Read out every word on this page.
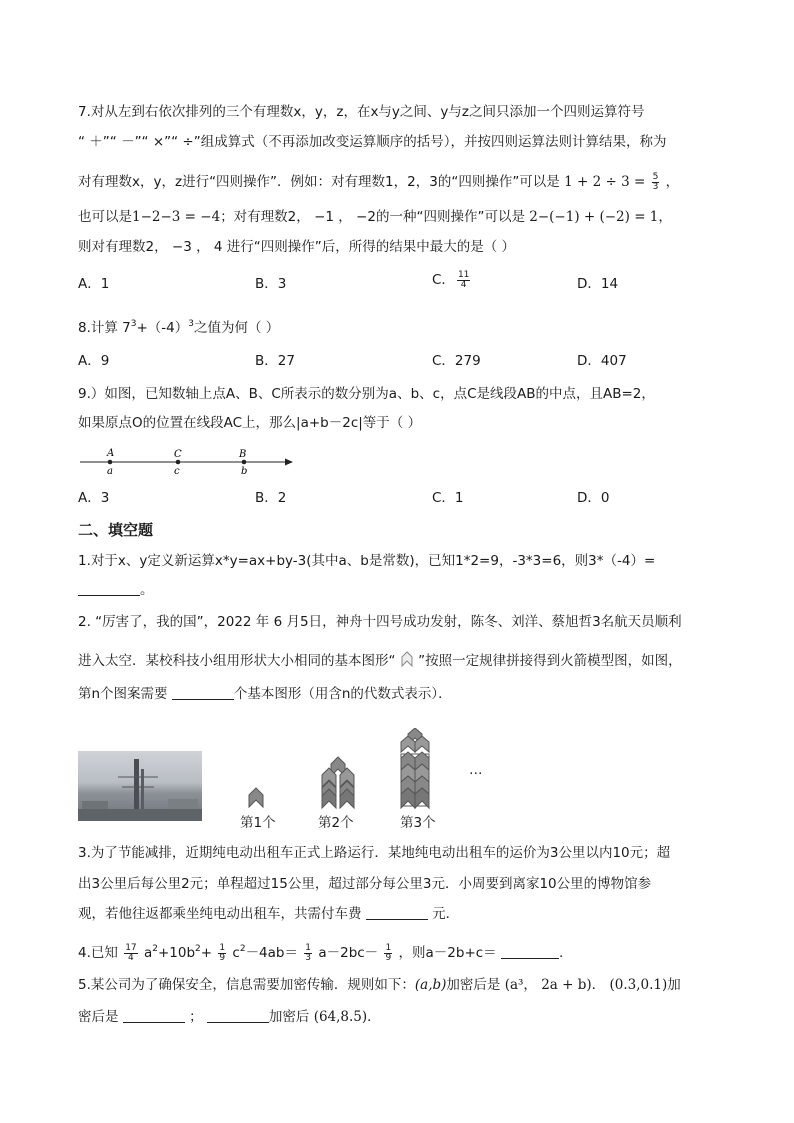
7.对从左到右依次排列的三个有理数x，y，z，在x与y之间、y与z之间只添加一个四则运算符号
“ ＋”“ －”“ ×”“ ÷”组成算式（不再添加改变运算顺序的括号），并按四则运算法则计算结果，称为
对有理数x，y，z进行“四则操作”．例如：对有理数1，2，3的“四则操作”可以是 $1 + 2 \div 3 = \frac{5}{3}$ ，
也可以是1−2−3 = −4；对有理数2， −1 ， −2的一种“四则操作”可以是 2−(−1) + (−2) = 1，
则对有理数2， −3 ， 4 进行“四则操作”后，所得的结果中最大的是（ ）
A．1	B．3	C． $\frac{11}{4}$	D．14
8.计算 $7^3+(-4)^3$之值为何（ ）
A．9	B．27	C．279	D．407
9.）如图，已知数轴上点A、B、C所表示的数分别为a、b、c，点C是线段AB的中点，且AB=2，
如果原点O的位置在线段AC上，那么|a+b－2c|等于（ ）
A	C	B
a	c	b
A．3	B．2	C．1	D．0
二、填空题
1.对于x、y定义新运算x*y=ax+by-3(其中a、b是常数)，已知1*2=9，-3*3=6，则3*（-4）=
。
2. “厉害了，我的国”，2022 年 6 月5日，神舟十四号成功发射，陈冬、刘洋、蔡旭哲3名航天员顺利
进入太空．某校科技小组用形状大小相同的基本图形“ ”按照一定规律拼接得到火箭模型图，如图，
第n个图案需要	个基本图形（用含n的代数式表示）．
第1个	第2个	第3个
…
3.为了节能减排，近期纯电动出租车正式上路运行．某地纯电动出租车的运价为3公里以内10元；超
出3公里后每公里2元；单程超过15公里，超过部分每公里3元．小周要到离家10公里的博物馆参
观，若他往返都乘坐纯电动出租车，共需付车费	元．
4.已知 $\frac{17}{4} a^2+10b^2+ \frac{1}{9} c^2-4ab= \frac{1}{3} a-2bc- \frac{1}{9}$ ，则a－2b+c＝	.
5.某公司为了确保安全，信息需要加密传输．规则如下：(a,b)加密后是 (a³， 2a + b)． (0.3,0.1)加
密后是	；	加密后 (64,8.5)．
